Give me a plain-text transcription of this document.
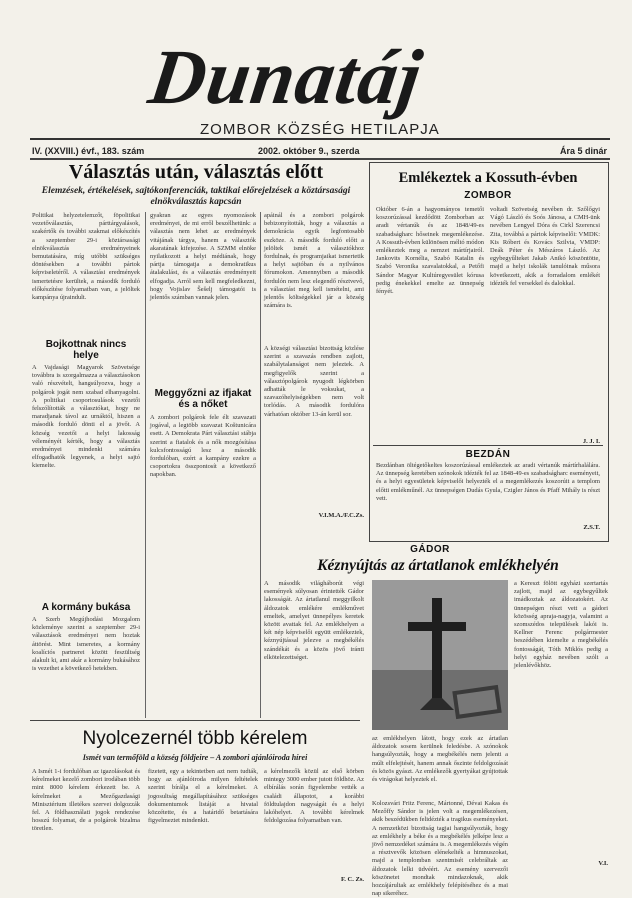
Dunatáj
ZOMBOR KÖZSÉG HETILAPJA
IV. (XXVIII.) évf., 183. szám	2002. október 9., szerda	Ára 5 dinár
Választás után, választás előtt
Elemzések, értékelések, sajtókonferenciák, taktikai előrejelzések a köztársasági elnökválasztás kapcsán
Politikai helyzetelemzőt, föpolitikai vezetőválasztás, párttárgyalások, szakértők és további szakmai előkészítés a szeptember 29-i köztársasági elnökválasztás eredményeinek bemutatására, míg utóbbi szükséges döntésekben a további pártok képviseletéről. A választási eredmények ismertetésre kerültek, a második forduló előkészítése folyamatban van, a jelöltek kampánya újraindult.
Bojkottnak nincs helye
A Vajdasági Magyarok Szövetsége továbbra is szorgalmazza a választásokon való részvételt, hangsúlyozva, hogy a polgárok jogát nem szabad elhanyagolni. A politikai csoportosulások vezetői felszólították a választókat, hogy ne maradjanak távol az urnáktól, hiszen a második forduló dönti el a jövőt. A község vezetői a helyi lakosság véleményét kérték, hogy a választás eredményei mindenki számára elfogadhatók legyenek, a helyi sajtó kiemelte.
A kormány bukása
A Szerb Megújhodási Mozgalom közleménye szerint a szeptember 29-i választások eredményei nem hoztak áttörést. Mint ismeretes, a kormány koalíciós partnerei között feszültség alakult ki, ami akár a kormány bukásához is vezethet a következő hetekben.
gyakran az egyes nyomozások eredményei, de mi erről beszélhetünk: a választás nem lehet az eredmények vitájának tárgya, hanem a választók akaratának kifejezése. A SZMM elnöke nyilatkozott a helyi médiának, hogy pártja támogatja a demokratikus átalakulást, és a választás eredményeit elfogadja. Arról sem kell megfeledkezni, hogy Vojislav Šešelj támogatói is jelentős számban vannak jelen.
Meggyőzni az ifjakat és a nőket
A zombori polgárok fele élt szavazati jogával, a legtöbb szavazat Koštunicára esett. A Demokrata Párt választási stábja szerint a fiatalok és a nők mozgósítása kulcsfontosságú lesz a második fordulóban, ezért a kampány ezekre a csoportokra összpontosít a következő napokban.
apáinál és a zombori polgárok bebizonyították, hogy a választás a demokrácia egyik legfontosabb eszköze. A második forduló előtt a jelöltek ismét a választókhoz fordulnak, és programjaikat ismertetik a helyi sajtóban és a nyilvános fórumokon. Amennyiben a második fordulón nem lesz elegendő résztvevő, a választást meg kell ismételni, ami jelentős költségekkel jár a község számára is.
A községi választási bizottság közlése szerint a szavazás rendben zajlott, szabálytalanságot nem jeleztek. A megfigyelők szerint a választópolgárok nyugodt légkörben adhatták le voksukat, a szavazóhelyiségekben nem volt torlódás. A második fordulóra várhatóan október 13-án kerül sor.
V.I.M.A./F.C.Zs.
Emlékeztek a Kossuth-évben
ZOMBOR
Október 6-án a hagyományos temetői koszorúzással kezdődött Zomborban az aradi vértanúk és az 1848/49-es szabadságharc hőseinek megemlékezése. A Kossuth-évben különösen méltó módon emlékeztek meg a nemzet mártírjairól. Jankovits Kornélia, Szabó Katalin és Szabó Veronika szavalatokkal, a Petőfi Sándor Magyar Kultúregyesület kórusa pedig énekekkel emelte az ünnepség fényét.
voltadi Szövetség nevében dr. Szőlőgyi Vágó László és Soós Jánosa, a CMH-ünk nevében Lengyel Dóra és Cirkl Szerencsi Zita, továbbá a pártok képviselői: VMDK: Kis Róbert és Kovács Szilvia, VMDP: Deák Péter és Mészáros László. Az egybegyűlteket Jakab Anikó köszöntötte, majd a helyi iskolák tanulóinak műsora következett, akik a forradalom emlékét idézték fel versekkel és dalokkal.
J. J. I.
BEZDÁN
Bezdánban öltégetőkeltes koszorúzással emlékeztek az aradi vértanúk mártírhalálára. Az ünnepség keretében szónokok idézték fel az 1848-49-es szabadságharc eseményeit, és a helyi egyesületek képviselői helyezték el a megemlékezés koszorúit a templom előtti emlékműnél. Az ünnepségen Dudás Gyula, Czigler János és Pfaff Mihály is részt vett.
Z.S.T.
GÁDOR
Kéznyújtás az ártatlanok emlékhelyén
A második világháborút végi események súlyosan érintették Gádor lakosságát. Az ártatlanul meggyilkolt áldozatok emlékére emlékművet emeltek, amelyet ünnepélyes keretek között avattak fel. Az emlékhelyen a két nép képviselői együtt emlékeztek, kéznyújtással jelezve a megbékélés szándékát és a közös jövő iránti elkötelezettséget.
a Kereszt fölött egyházi szertartás zajlott, majd az egybegyűltek imádkoztak az áldozatokért. Az ünnepségen részt vett a gádori közösség apraja-nagyja, valamint a szomszédos települések lakói is. Kellner Ferenc polgármester beszédében kiemelte a megbékélés fontosságát, Tóth Miklós pedig a helyi egyház nevében szólt a jelenlévőkhöz.
az emlékhelyen látott, hogy ezek az ártatlan áldozatok sosem kerülnek feledésbe. A szónokok hangsúlyozták, hogy a megbékélés nem jelenti a múlt elfelejtését, hanem annak őszinte feldolgozását és közös gyászt. Az emlékezők gyertyákat gyújtottak és virágokat helyeztek el.
Nyolcezernél több kérelem
Ismét van termőföld a község földjeire – A zombori ajánlóiroda hírei
A Ismét 1-i fordulóban az igazolásokat és kérelmeket kezelő zombori irodában több mint 8000 kérelem érkezett be. A kérelmeket a Mezőgazdasági Minisztérium illetékes szervei dolgozzák fel. A földhasználati jogok rendezése hosszú folyamat, de a polgárok bizalma töretlen.
fizetett, egy a tekintetben azt nem tudták, hogy az ajánlóiroda milyen feltételek szerint bírálja el a kérelmeket. A jogosultság megállapításához szükséges dokumentumok listáját a hivatal közzétette, és a határidő betartására figyelmeztet mindenkit.
a kérelmezők közül az első körben mintegy 3000 ember jutott földhöz. Az elbírálás során figyelembe vették a családi állapotot, a korábbi földtulajdon nagyságát és a helyi lakóhelyet. A további kérelmek feldolgozása folyamatban van.
F. C. Zs.
Kolozsvári Fritz Ferenc, Mártonné, Dévai Kakas és Mezőffy Sándor is jelen volt a megemlékezésen, akik beszédükben felidézték a tragikus eseményeket. A nemzetközi bizottság tagjai hangsúlyozták, hogy az emlékhely a béke és a megbékélés jelképe lesz a jövő nemzedékei számára is. A megemlékezés végén a résztvevők közösen elénekelték a himnuszokat, majd a templomban szentmisét celebráltak az áldozatok lelki üdvéért. Az esemény szervezői köszönetet mondtak mindazoknak, akik hozzájárultak az emlékhely felépítéséhez és a mai nap sikeréhez.
V.I.
